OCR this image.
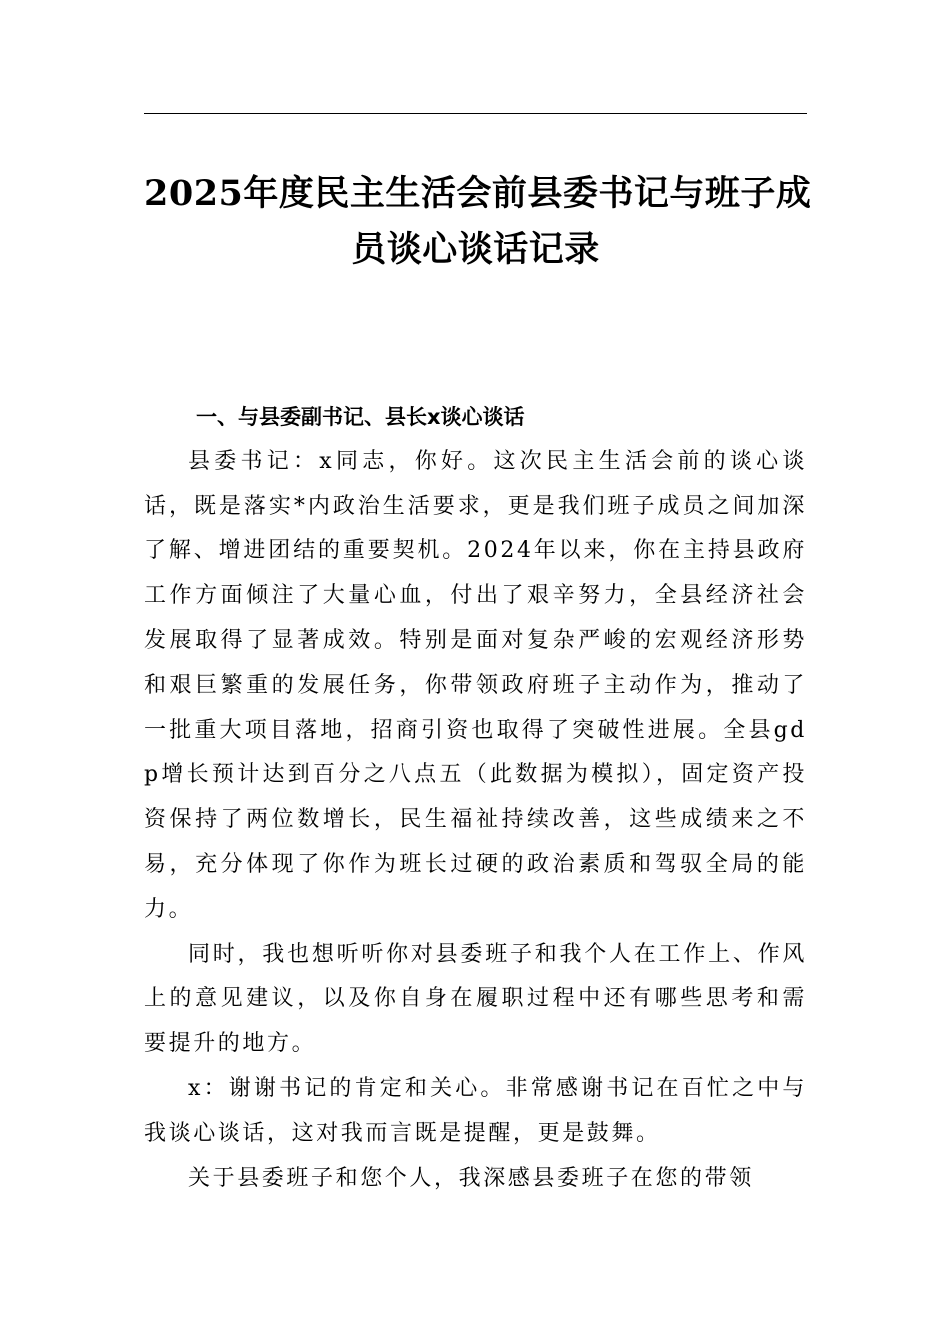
2025年度民主生活会前县委书记与班子成
员谈心谈话记录

一、与县委副书记、县长x谈心谈话

县委书记：x同志，你好。这次民主生活会前的谈心谈话，既是落实*内政治生活要求，更是我们班子成员之间加深了解、增进团结的重要契机。2024年以来，你在主持县政府工作方面倾注了大量心血，付出了艰辛努力，全县经济社会发展取得了显著成效。特别是面对复杂严峻的宏观经济形势和艰巨繁重的发展任务，你带领政府班子主动作为，推动了一批重大项目落地，招商引资也取得了突破性进展。全县gdp增长预计达到百分之八点五（此数据为模拟），固定资产投资保持了两位数增长，民生福祉持续改善，这些成绩来之不易，充分体现了你作为班长过硬的政治素质和驾驭全局的能力。

同时，我也想听听你对县委班子和我个人在工作上、作风上的意见建议，以及你自身在履职过程中还有哪些思考和需要提升的地方。

x：谢谢书记的肯定和关心。非常感谢书记在百忙之中与我谈心谈话，这对我而言既是提醒，更是鼓舞。

关于县委班子和您个人，我深感县委班子在您的带领
